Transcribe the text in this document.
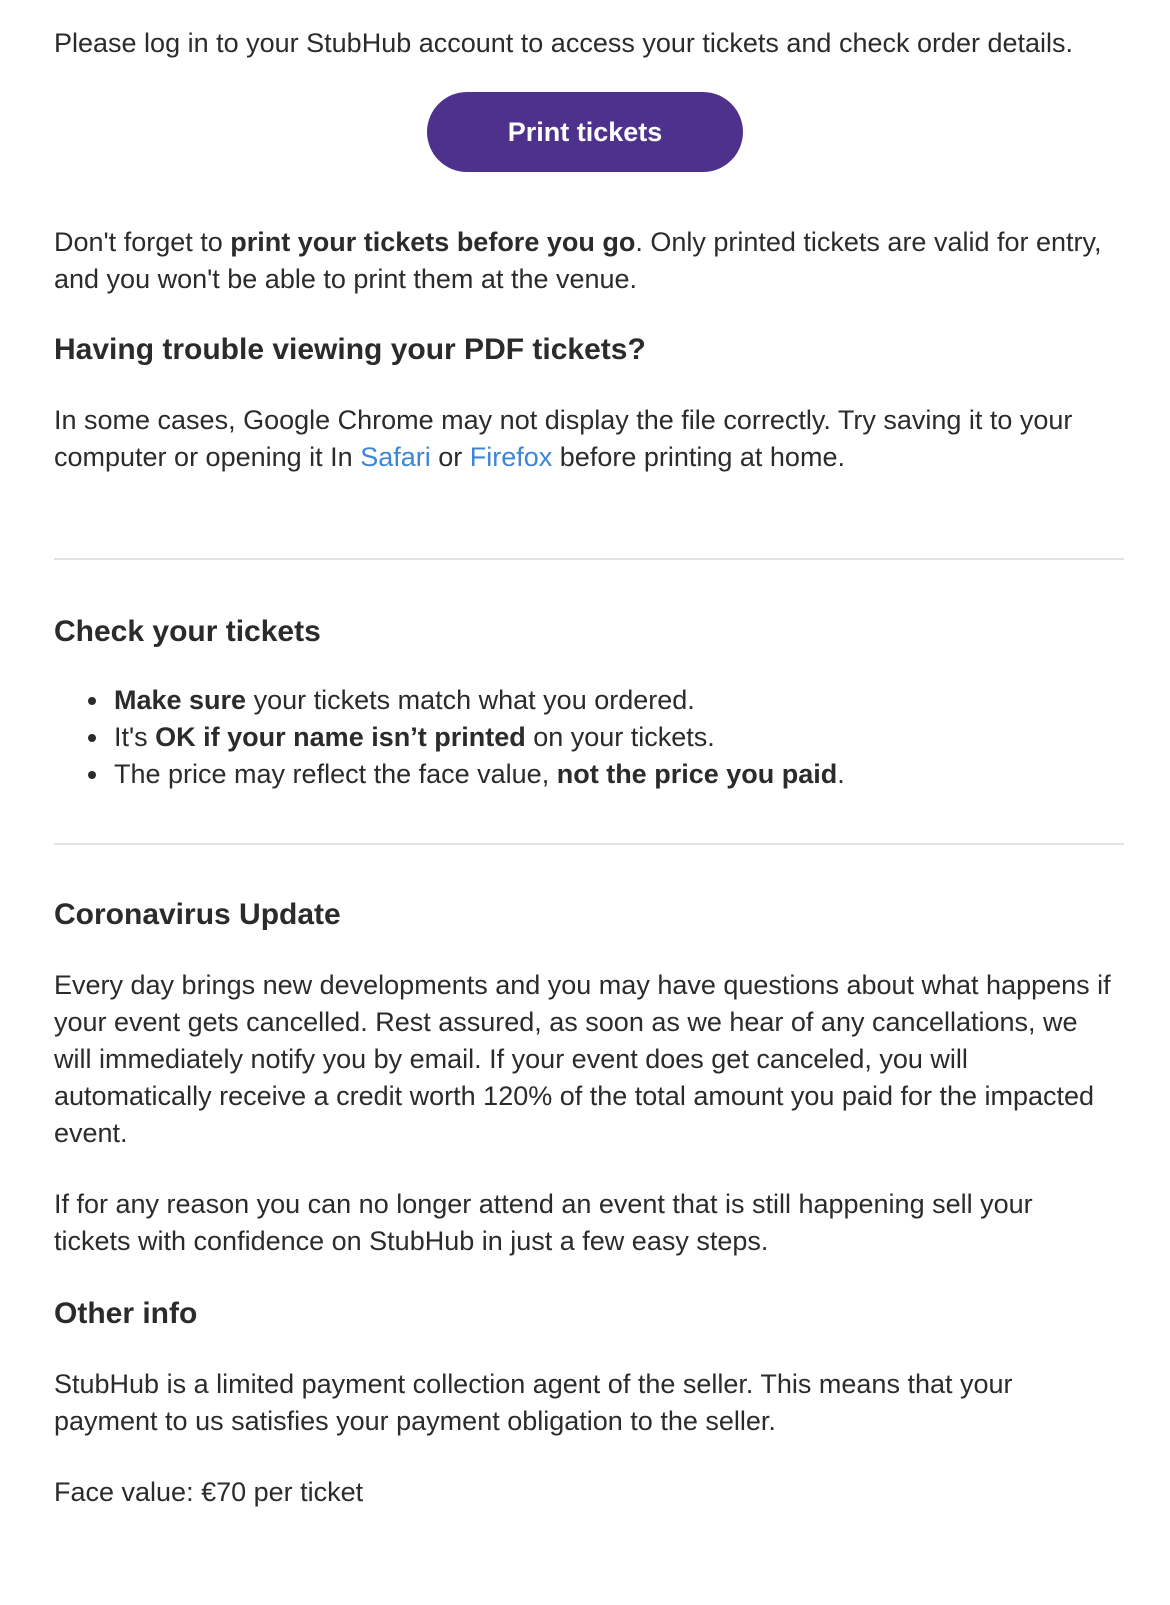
Please log in to your StubHub account to access your tickets and check order details.

Print tickets

Don't forget to print your tickets before you go. Only printed tickets are valid for entry, and you won't be able to print them at the venue.

Having trouble viewing your PDF tickets?

In some cases, Google Chrome may not display the file correctly. Try saving it to your computer or opening it In Safari or Firefox before printing at home.

Check your tickets
Make sure your tickets match what you ordered.
It's OK if your name isn’t printed on your tickets.
The price may reflect the face value, not the price you paid.
Coronavirus Update

Every day brings new developments and you may have questions about what happens if your event gets cancelled. Rest assured, as soon as we hear of any cancellations, we will immediately notify you by email. If your event does get canceled, you will automatically receive a credit worth 120% of the total amount you paid for the impacted event.

If for any reason you can no longer attend an event that is still happening sell your tickets with confidence on StubHub in just a few easy steps.

Other info

StubHub is a limited payment collection agent of the seller. This means that your payment to us satisfies your payment obligation to the seller.

Face value: €70 per ticket
